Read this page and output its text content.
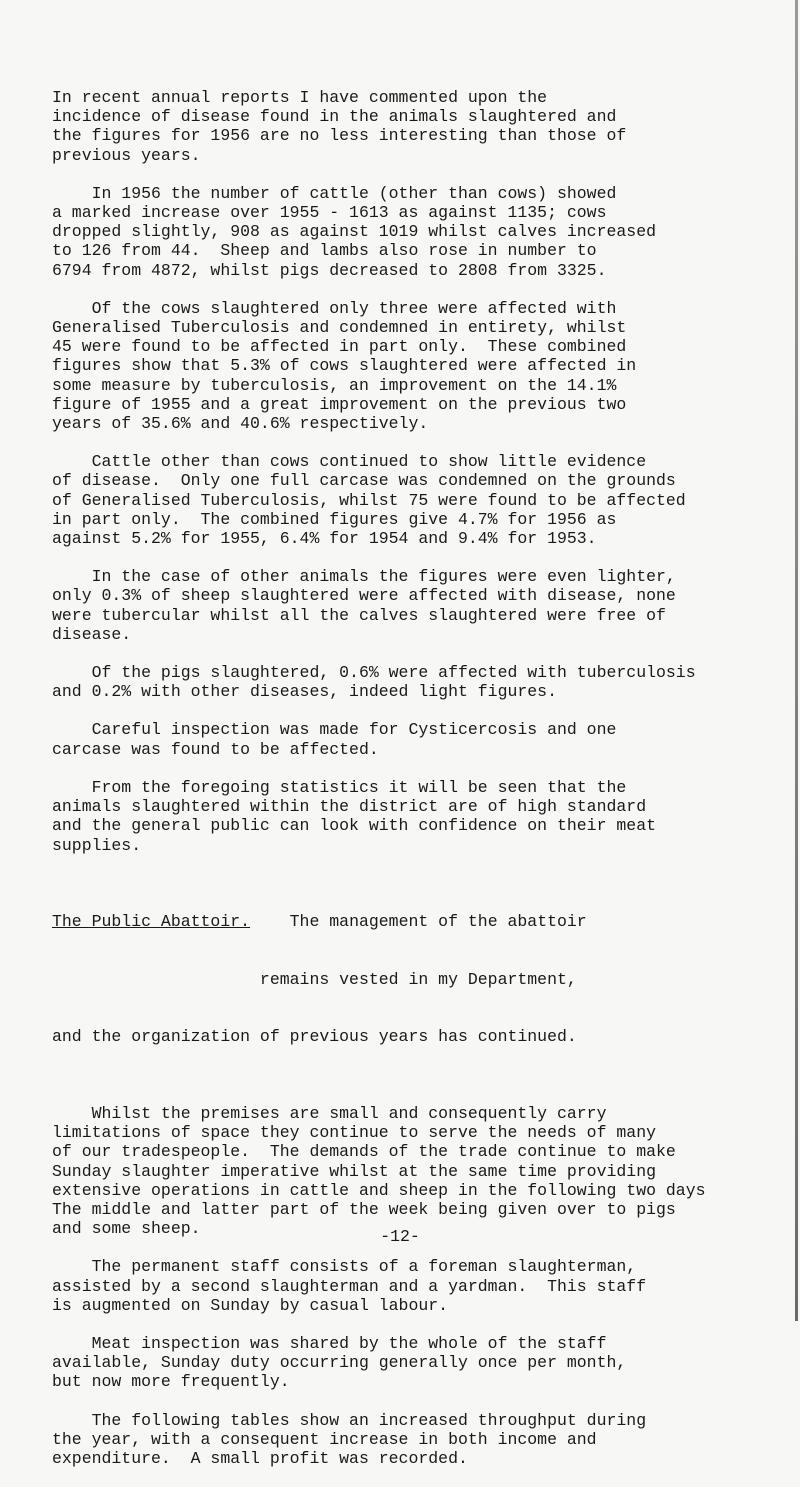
In recent annual reports I have commented upon the
incidence of disease found in the animals slaughtered and
the figures for 1956 are no less interesting than those of
previous years.
In 1956 the number of cattle (other than cows) showed
a marked increase over 1955 - 1613 as against 1135; cows
dropped slightly, 908 as against 1019 whilst calves increased
to 126 from 44.  Sheep and lambs also rose in number to
6794 from 4872, whilst pigs decreased to 2808 from 3325.
Of the cows slaughtered only three were affected with
Generalised Tuberculosis and condemned in entirety, whilst
45 were found to be affected in part only.  These combined
figures show that 5.3% of cows slaughtered were affected in
some measure by tuberculosis, an improvement on the 14.1%
figure of 1955 and a great improvement on the previous two
years of 35.6% and 40.6% respectively.
Cattle other than cows continued to show little evidence
of disease.  Only one full carcase was condemned on the grounds
of Generalised Tuberculosis, whilst 75 were found to be affected
in part only.  The combined figures give 4.7% for 1956 as
against 5.2% for 1955, 6.4% for 1954 and 9.4% for 1953.
In the case of other animals the figures were even lighter,
only 0.3% of sheep slaughtered were affected with disease, none
were tubercular whilst all the calves slaughtered were free of
disease.
Of the pigs slaughtered, 0.6% were affected with tuberculosis
and 0.2% with other diseases, indeed light figures.
Careful inspection was made for Cysticercosis and one
carcase was found to be affected.
From the foregoing statistics it will be seen that the
animals slaughtered within the district are of high standard
and the general public can look with confidence on their meat
supplies.

The Public Abattoir. The management of the abattoir

remains vested in my Department,

and the organization of previous years has continued.

Whilst the premises are small and consequently carry
limitations of space they continue to serve the needs of many
of our tradespeople.  The demands of the trade continue to make
Sunday slaughter imperative whilst at the same time providing
extensive operations in cattle and sheep in the following two days
The middle and latter part of the week being given over to pigs
and some sheep.
The permanent staff consists of a foreman slaughterman,
assisted by a second slaughterman and a yardman.  This staff
is augmented on Sunday by casual labour.
Meat inspection was shared by the whole of the staff
available, Sunday duty occurring generally once per month,
but now more frequently.
The following tables show an increased throughput during
the year, with a consequent increase in both income and
expenditure.  A small profit was recorded.
-12-
